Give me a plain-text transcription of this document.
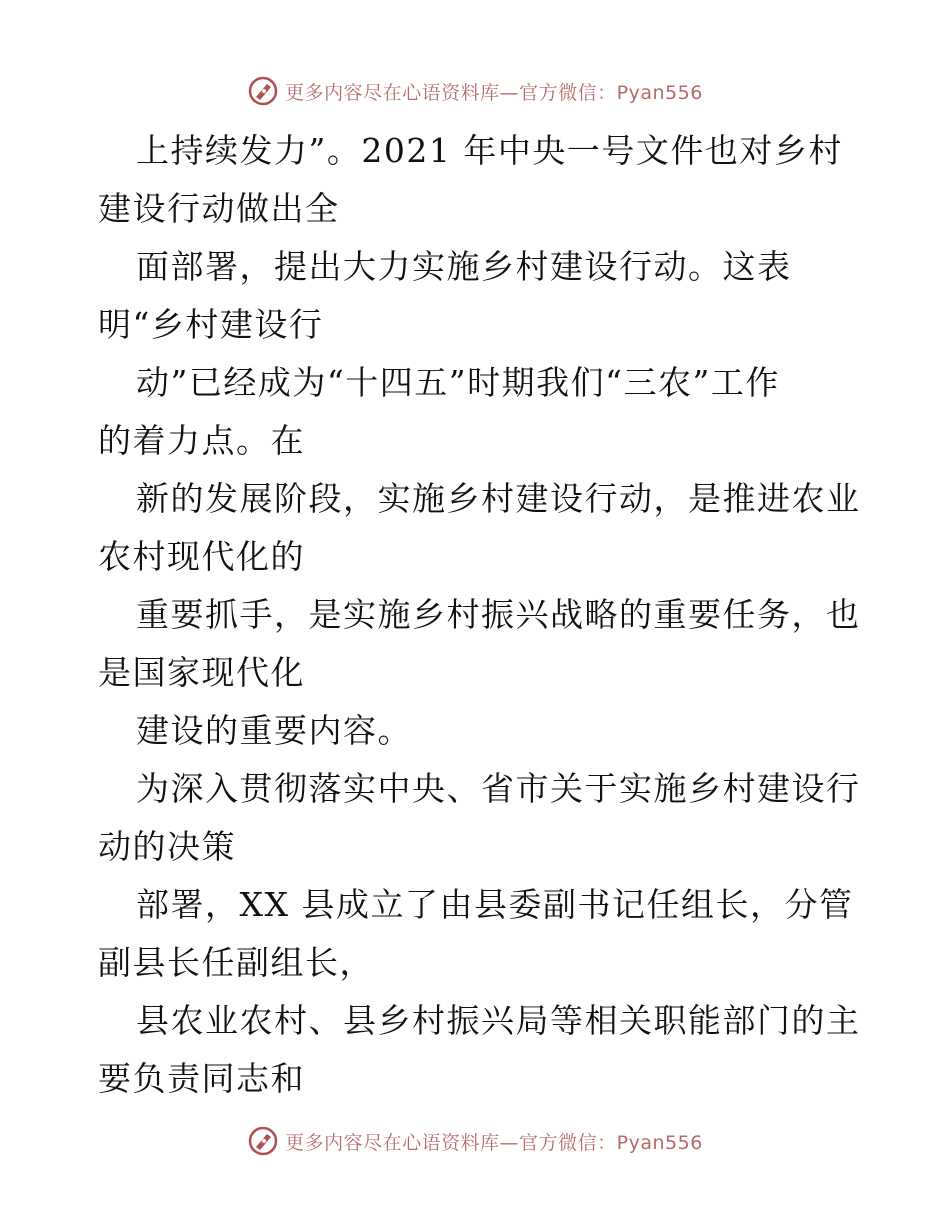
更多内容尽在心语资料库—官方微信：Pyan556
上持续发力”。2021 年中央一号文件也对乡村
建设行动做出全
面部署，提出大力实施乡村建设行动。这表
明“乡村建设行
动”已经成为“十四五”时期我们“三农”工作
的着力点。在
新的发展阶段，实施乡村建设行动，是推进农业
农村现代化的
重要抓手，是实施乡村振兴战略的重要任务，也
是国家现代化
建设的重要内容。
为深入贯彻落实中央、省市关于实施乡村建设行
动的决策
部署，XX 县成立了由县委副书记任组长，分管
副县长任副组长，
县农业农村、县乡村振兴局等相关职能部门的主
要负责同志和
更多内容尽在心语资料库—官方微信：Pyan556
